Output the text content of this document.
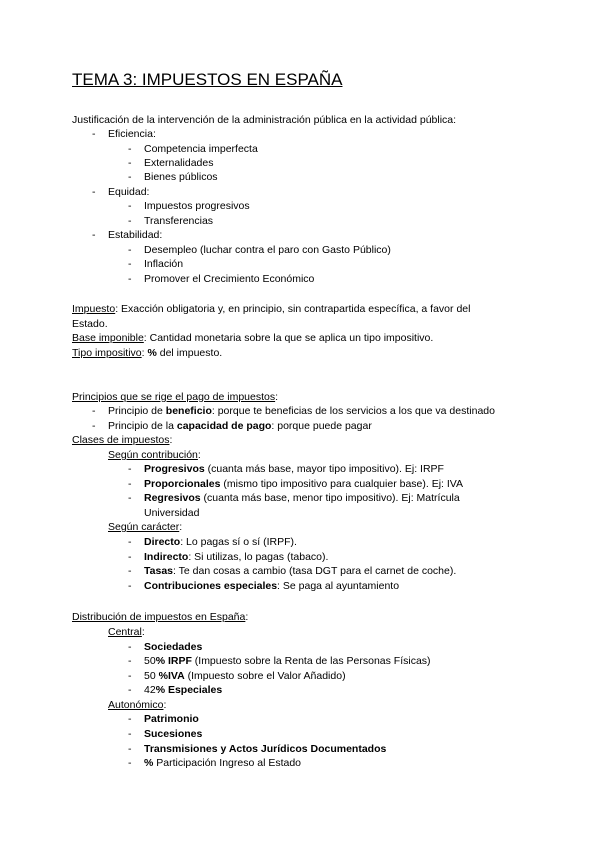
TEMA 3: IMPUESTOS EN ESPAÑA
Justificación de la intervención de la administración pública en la actividad pública:
- Eficiencia:
- Competencia imperfecta
- Externalidades
- Bienes públicos
- Equidad:
- Impuestos progresivos
- Transferencias
- Estabilidad:
- Desempleo (luchar contra el paro con Gasto Público)
- Inflación
- Promover el Crecimiento Económico
Impuesto: Exacción obligatoria y, en principio, sin contrapartida específica, a favor del
Estado.
Base imponible: Cantidad monetaria sobre la que se aplica un tipo impositivo.
Tipo impositivo: % del impuesto.
Principios que se rige el pago de impuestos:
- Principio de beneficio: porque te beneficias de los servicios a los que va destinado
- Principio de la capacidad de pago: porque puede pagar
Clases de impuestos:
Según contribución:
- Progresivos (cuanta más base, mayor tipo impositivo). Ej: IRPF
- Proporcionales (mismo tipo impositivo para cualquier base). Ej: IVA
- Regresivos (cuanta más base, menor tipo impositivo). Ej: Matrícula
Universidad
Según carácter:
- Directo: Lo pagas sí o sí (IRPF).
- Indirecto: Si utilizas, lo pagas (tabaco).
- Tasas: Te dan cosas a cambio (tasa DGT para el carnet de coche).
- Contribuciones especiales: Se paga al ayuntamiento
Distribución de impuestos en España:
Central:
- Sociedades
- 50% IRPF (Impuesto sobre la Renta de las Personas Físicas)
- 50 %IVA (Impuesto sobre el Valor Añadido)
- 42% Especiales
Autonómico:
- Patrimonio
- Sucesiones
- Transmisiones y Actos Jurídicos Documentados
- % Participación Ingreso al Estado
